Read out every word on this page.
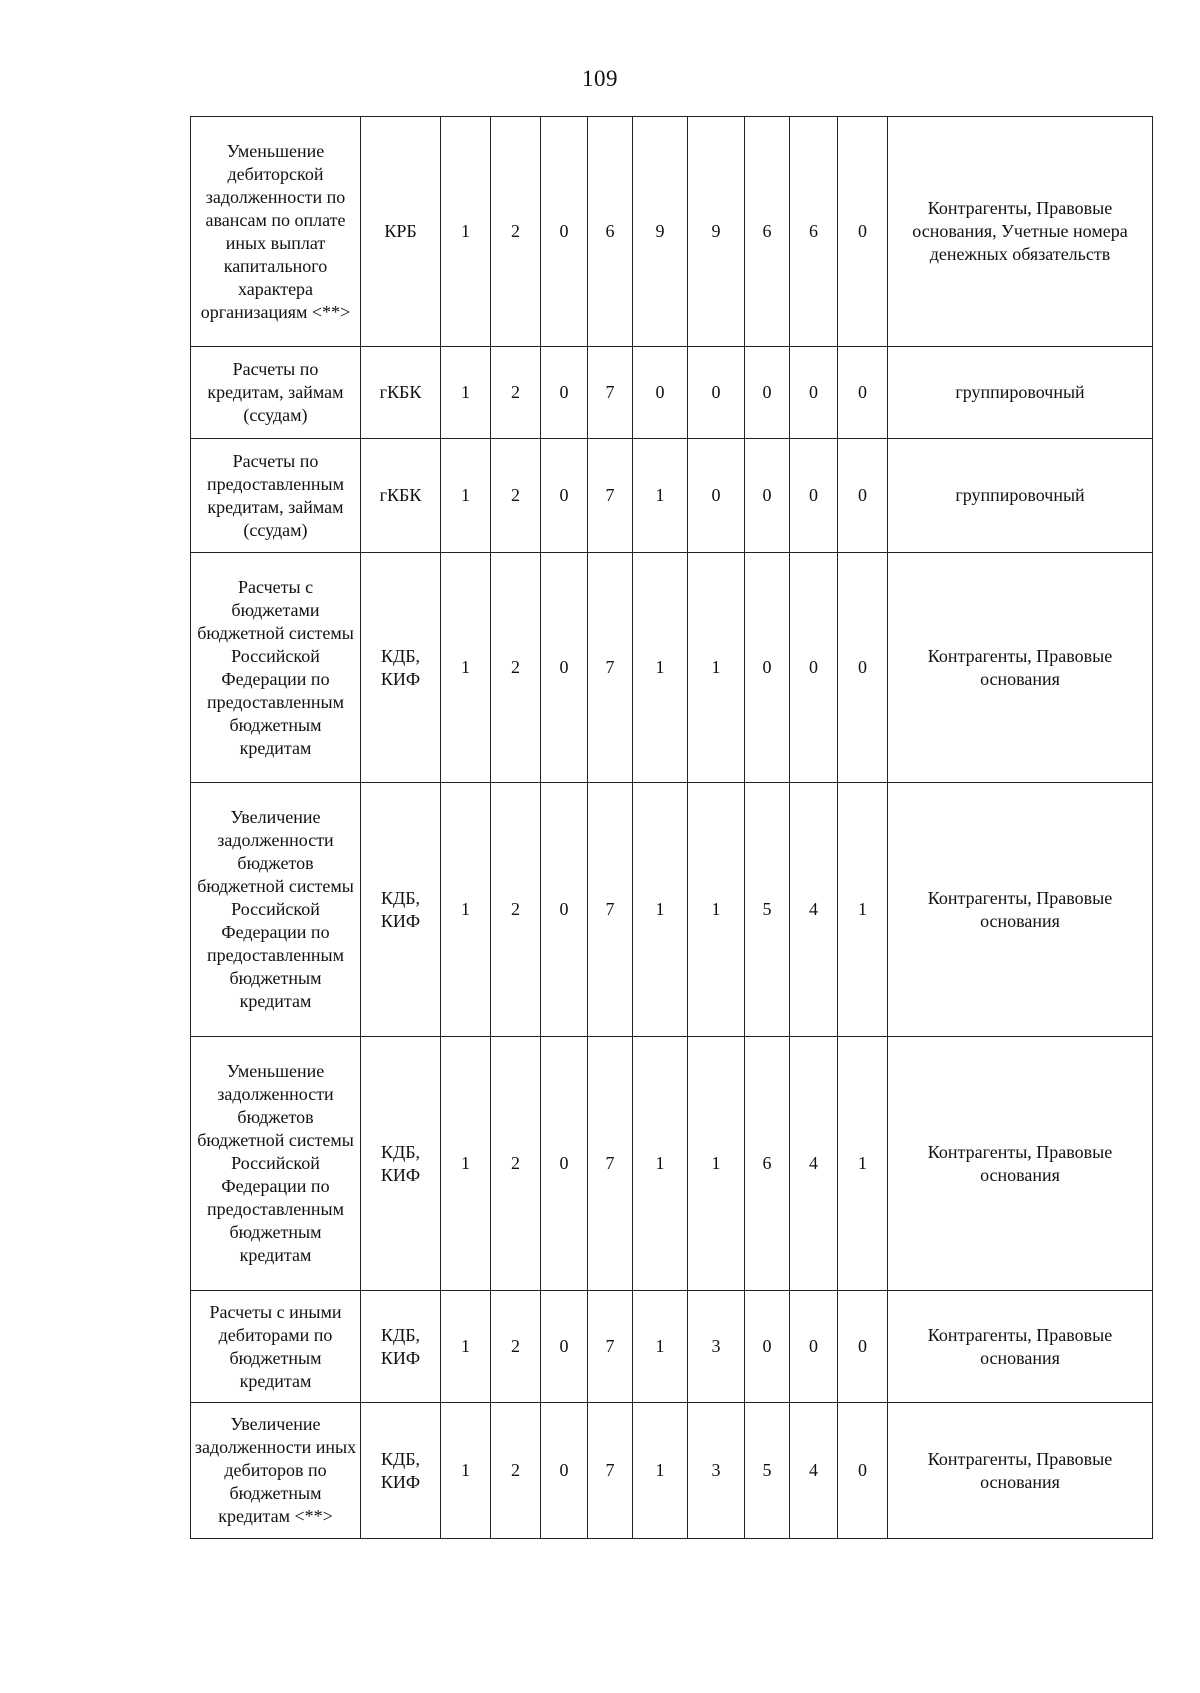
109
Уменьшение дебиторской задолженности по авансам по оплате иных выплат капитального характера организациям <**>	КРБ	1	2	0	6	9	9	6	6	0	Контрагенты, Правовые основания, Учетные номера денежных обязательств
Расчеты по кредитам, займам (ссудам)	гКБК	1	2	0	7	0	0	0	0	0	группировочный
Расчеты по предоставленным кредитам, займам (ссудам)	гКБК	1	2	0	7	1	0	0	0	0	группировочный
Расчеты с бюджетами бюджетной системы Российской Федерации по предоставленным бюджетным кредитам	КДБ, КИФ	1	2	0	7	1	1	0	0	0	Контрагенты, Правовые основания
Увеличение задолженности бюджетов бюджетной системы Российской Федерации по предоставленным бюджетным кредитам	КДБ, КИФ	1	2	0	7	1	1	5	4	1	Контрагенты, Правовые основания
Уменьшение задолженности бюджетов бюджетной системы Российской Федерации по предоставленным бюджетным кредитам	КДБ, КИФ	1	2	0	7	1	1	6	4	1	Контрагенты, Правовые основания
Расчеты с иными дебиторами по бюджетным кредитам	КДБ, КИФ	1	2	0	7	1	3	0	0	0	Контрагенты, Правовые основания
Увеличение задолженности иных дебиторов по бюджетным кредитам <**>	КДБ, КИФ	1	2	0	7	1	3	5	4	0	Контрагенты, Правовые основания
